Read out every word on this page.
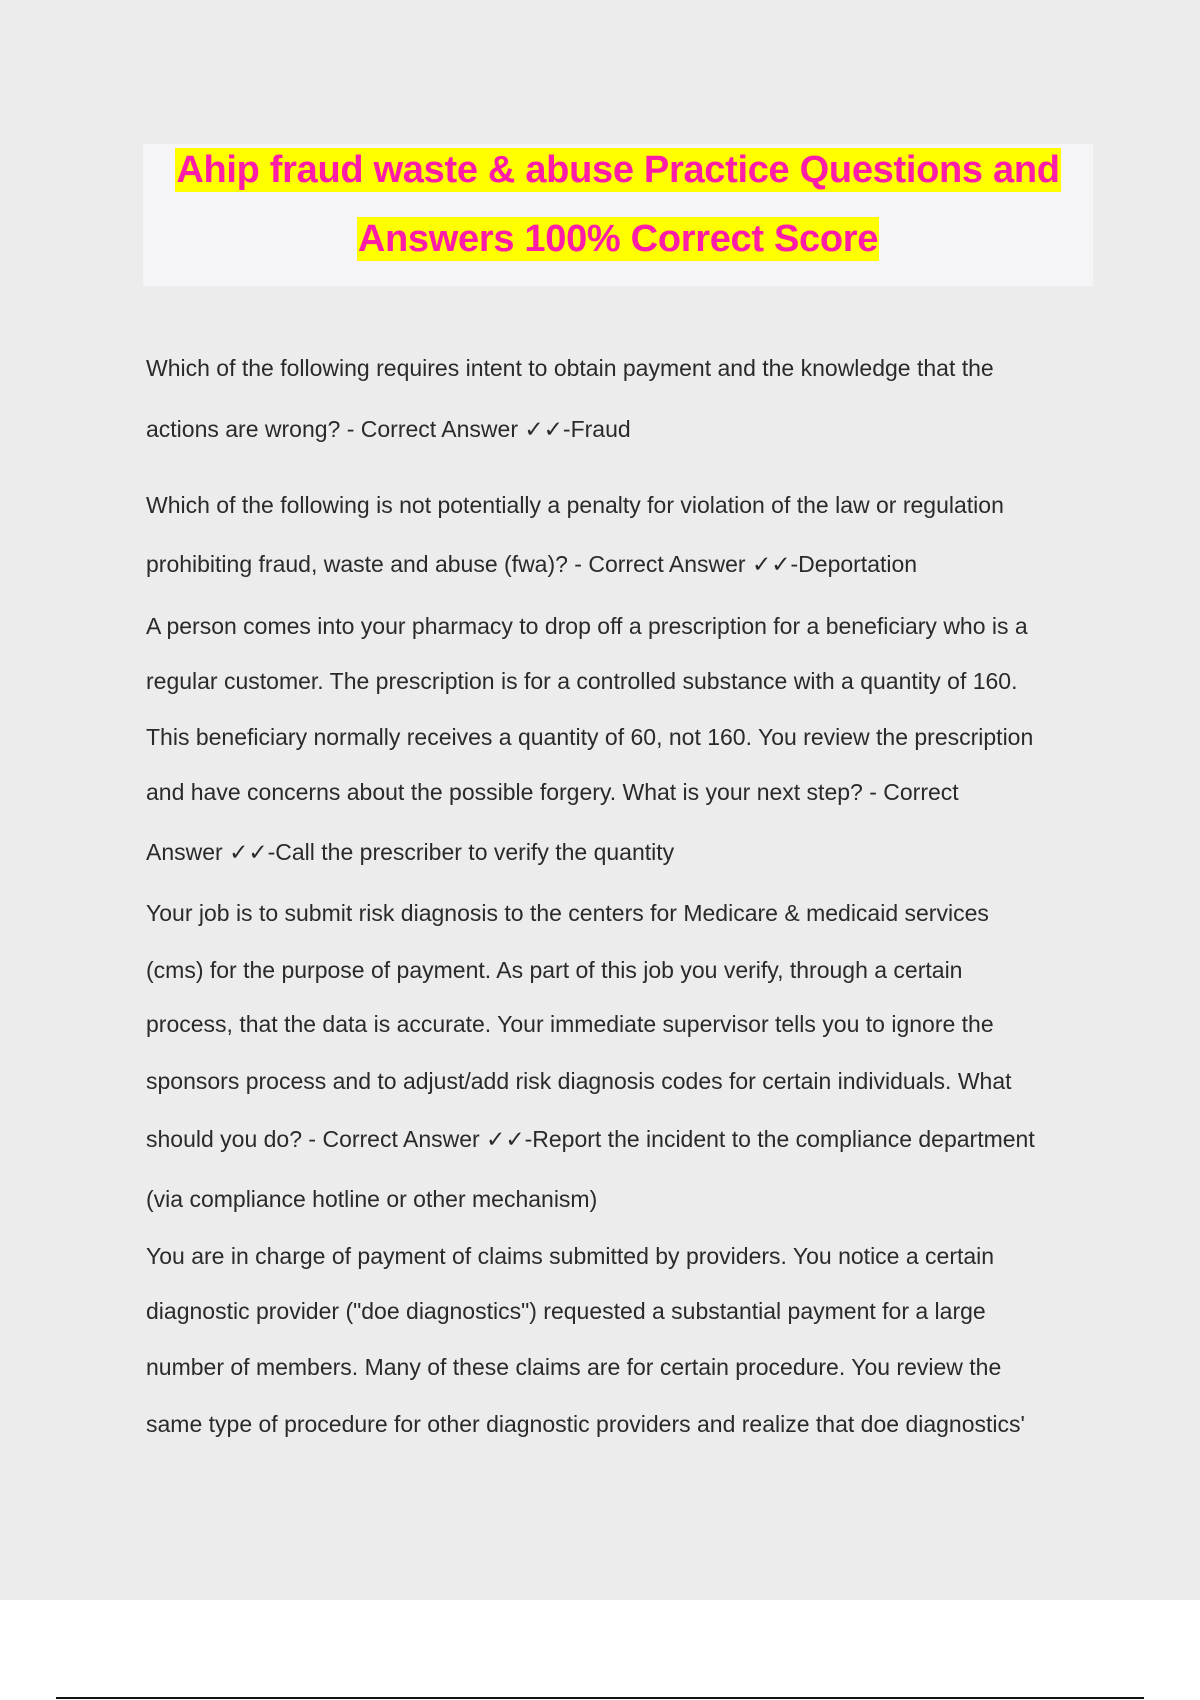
Ahip fraud waste & abuse Practice Questions and
Answers 100% Correct Score
Which of the following requires intent to obtain payment and the knowledge that the
actions are wrong? - Correct Answer ✓✓-Fraud
Which of the following is not potentially a penalty for violation of the law or regulation
prohibiting fraud, waste and abuse (fwa)? - Correct Answer ✓✓-Deportation
A person comes into your pharmacy to drop off a prescription for a beneficiary who is a
regular customer. The prescription is for a controlled substance with a quantity of 160.
This beneficiary normally receives a quantity of 60, not 160. You review the prescription
and have concerns about the possible forgery. What is your next step? - Correct
Answer ✓✓-Call the prescriber to verify the quantity
Your job is to submit risk diagnosis to the centers for Medicare & medicaid services
(cms) for the purpose of payment. As part of this job you verify, through a certain
process, that the data is accurate. Your immediate supervisor tells you to ignore the
sponsors process and to adjust/add risk diagnosis codes for certain individuals. What
should you do? - Correct Answer ✓✓-Report the incident to the compliance department
(via compliance hotline or other mechanism)
You are in charge of payment of claims submitted by providers. You notice a certain
diagnostic provider ("doe diagnostics") requested a substantial payment for a large
number of members. Many of these claims are for certain procedure. You review the
same type of procedure for other diagnostic providers and realize that doe diagnostics'
